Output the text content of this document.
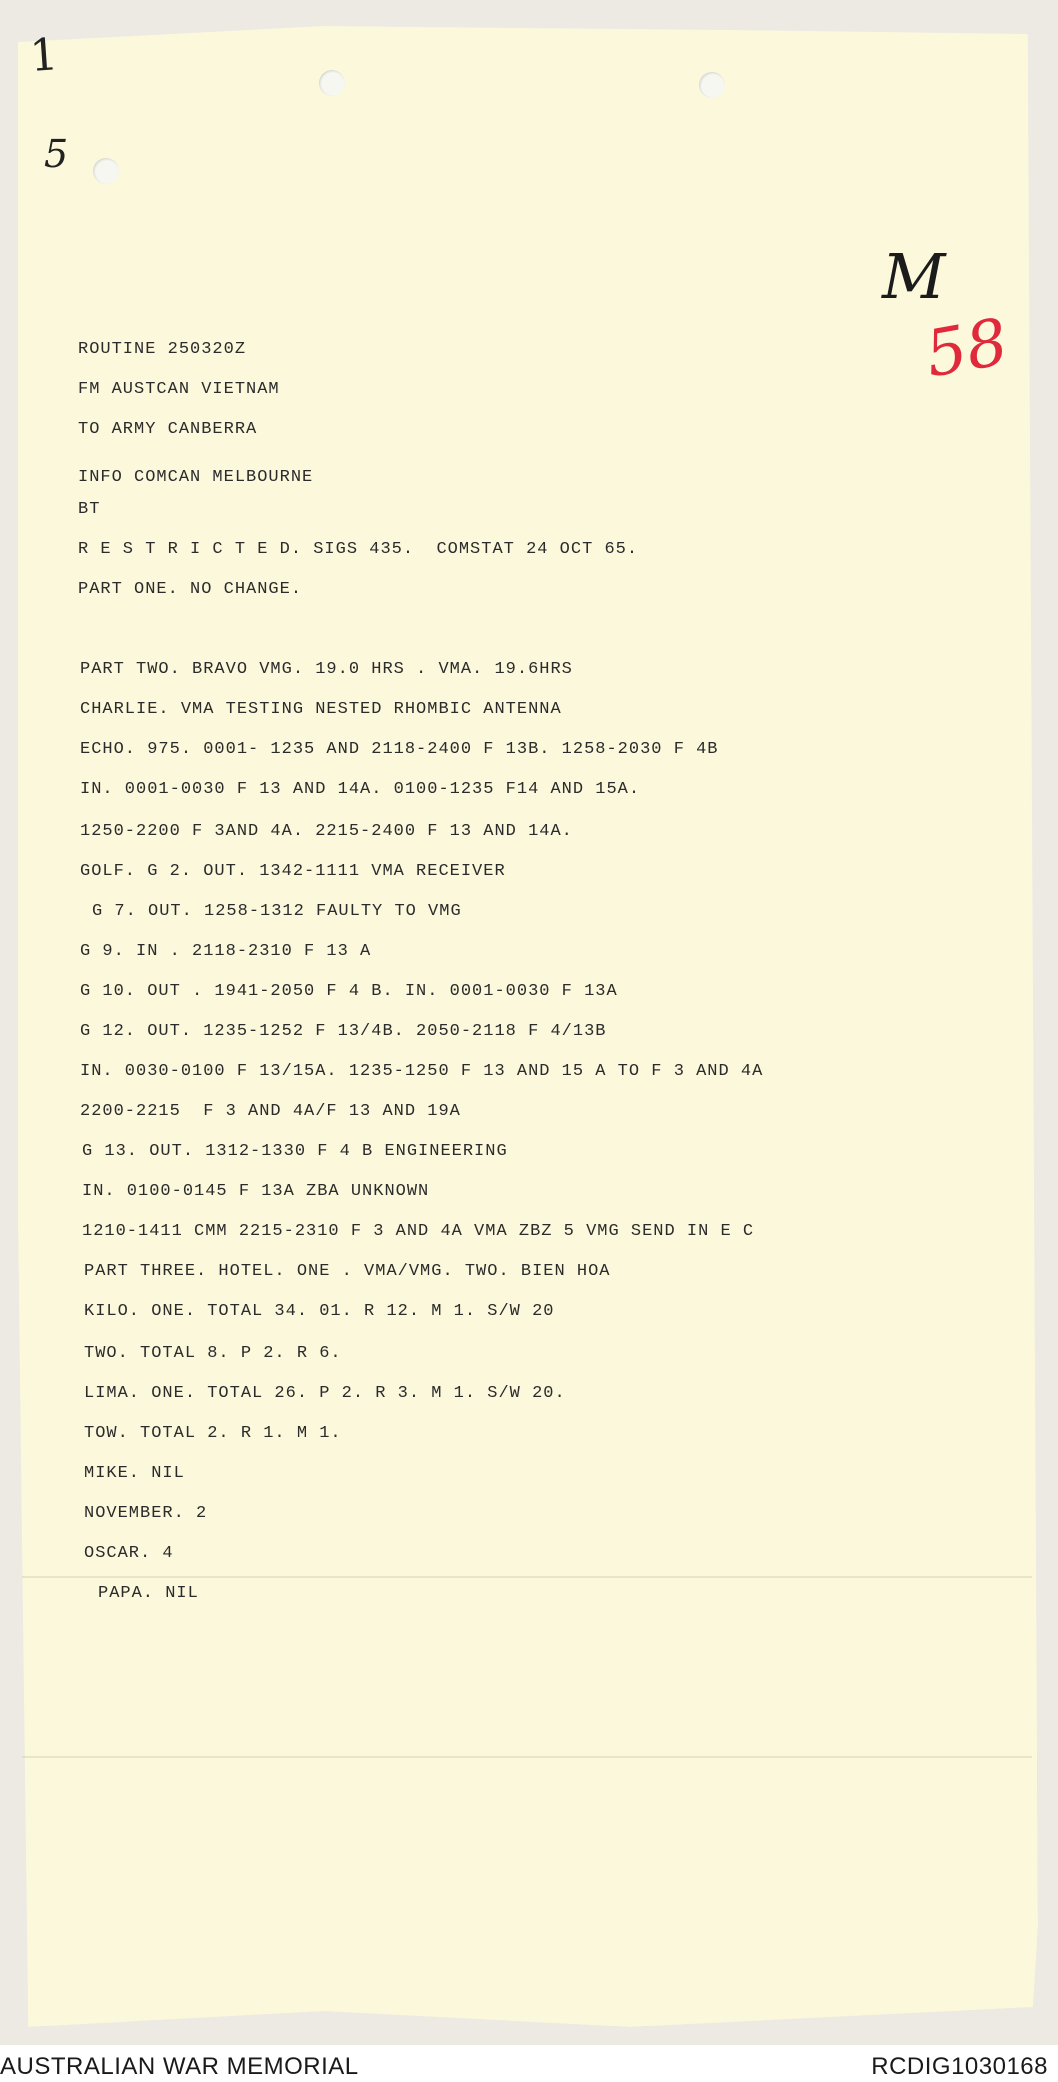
1
5
M
58

ROUTINE 250320Z

FM AUSTCAN VIETNAM

TO ARMY CANBERRA

INFO COMCAN MELBOURNE

BT

R E S T R I C T E D. SIGS 435.  COMSTAT 24 OCT 65.

PART ONE. NO CHANGE.

PART TWO. BRAVO VMG. 19.0 HRS . VMA. 19.6HRS

CHARLIE. VMA TESTING NESTED RHOMBIC ANTENNA

ECHO. 975. 0001- 1235 AND 2118-2400 F 13B. 1258-2030 F 4B

IN. 0001-0030 F 13 AND 14A. 0100-1235 F14 AND 15A.

1250-2200 F 3AND 4A. 2215-2400 F 13 AND 14A.

GOLF. G 2. OUT. 1342-1111 VMA RECEIVER

G 7. OUT. 1258-1312 FAULTY TO VMG

G 9. IN . 2118-2310 F 13 A

G 10. OUT . 1941-2050 F 4 B. IN. 0001-0030 F 13A

G 12. OUT. 1235-1252 F 13/4B. 2050-2118 F 4/13B

IN. 0030-0100 F 13/15A. 1235-1250 F 13 AND 15 A TO F 3 AND 4A

2200-2215  F 3 AND 4A/F 13 AND 19A

G 13. OUT. 1312-1330 F 4 B ENGINEERING

IN. 0100-0145 F 13A ZBA UNKNOWN

1210-1411 CMM 2215-2310 F 3 AND 4A VMA ZBZ 5 VMG SEND IN E C

PART THREE. HOTEL. ONE . VMA/VMG. TWO. BIEN HOA

KILO. ONE. TOTAL 34. 01. R 12. M 1. S/W 20

TWO. TOTAL 8. P 2. R 6.

LIMA. ONE. TOTAL 26. P 2. R 3. M 1. S/W 20.

TOW. TOTAL 2. R 1. M 1.

MIKE. NIL

NOVEMBER. 2

OSCAR. 4

PAPA. NIL

AUSTRALIAN WAR MEMORIAL	RCDIG1030168
